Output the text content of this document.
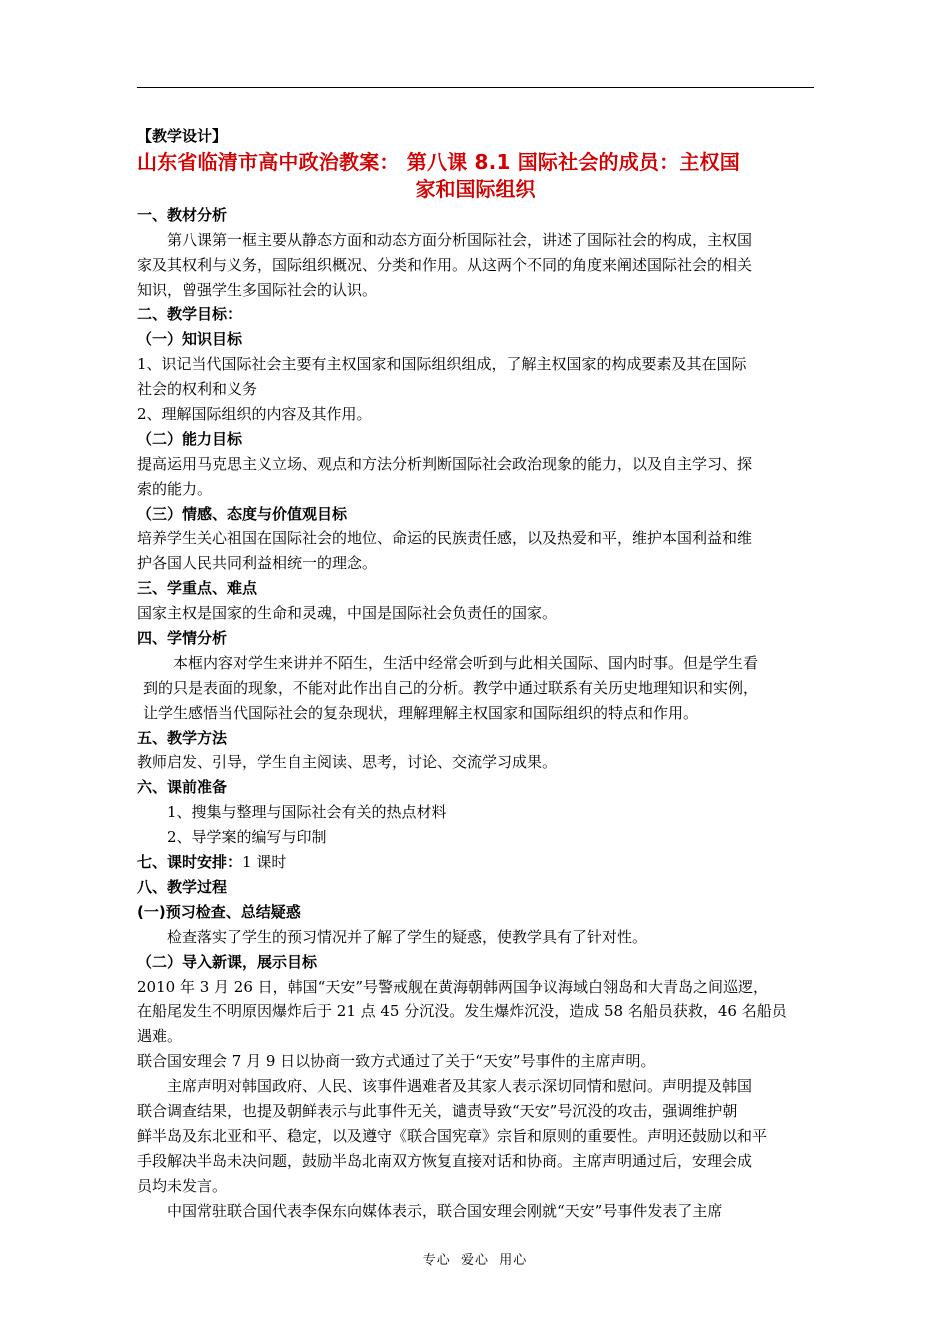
【教学设计】
山东省临清市高中政治教案： 第八课 8.1 国际社会的成员：主权国
家和国际组织
一、教材分析
第八课第一框主要从静态方面和动态方面分析国际社会，讲述了国际社会的构成，主权国
家及其权利与义务，国际组织概况、分类和作用。从这两个不同的角度来阐述国际社会的相关
知识，曾强学生多国际社会的认识。
二、教学目标：
（一）知识目标
1、识记当代国际社会主要有主权国家和国际组织组成，了解主权国家的构成要素及其在国际
社会的权利和义务
2、理解国际组织的内容及其作用。
（二）能力目标
提高运用马克思主义立场、观点和方法分析判断国际社会政治现象的能力，以及自主学习、探
索的能力。
（三）情感、态度与价值观目标
培养学生关心祖国在国际社会的地位、命运的民族责任感，以及热爱和平，维护本国利益和维
护各国人民共同利益相统一的理念。
三、学重点、难点
国家主权是国家的生命和灵魂，中国是国际社会负责任的国家。
四、学情分析
本框内容对学生来讲并不陌生，生活中经常会听到与此相关国际、国内时事。但是学生看
到的只是表面的现象，不能对此作出自己的分析。教学中通过联系有关历史地理知识和实例，
让学生感悟当代国际社会的复杂现状，理解理解主权国家和国际组织的特点和作用。
五、教学方法
教师启发、引导，学生自主阅读、思考，讨论、交流学习成果。
六、课前准备
1、搜集与整理与国际社会有关的热点材料
2、导学案的编写与印制
七、课时安排：1 课时
八、教学过程
(一)预习检查、总结疑惑
检查落实了学生的预习情况并了解了学生的疑惑，使教学具有了针对性。
（二）导入新课，展示目标
2010 年 3 月 26 日，韩国“天安”号警戒舰在黄海朝韩两国争议海域白翎岛和大青岛之间巡逻，
在船尾发生不明原因爆炸后于 21 点 45 分沉没。发生爆炸沉没，造成 58 名船员获救，46 名船员
遇难。
联合国安理会 7 月 9 日以协商一致方式通过了关于“天安”号事件的主席声明。
主席声明对韩国政府、人民、该事件遇难者及其家人表示深切同情和慰问。声明提及韩国
联合调查结果，也提及朝鲜表示与此事件无关，谴责导致“天安”号沉没的攻击，强调维护朝
鲜半岛及东北亚和平、稳定，以及遵守《联合国宪章》宗旨和原则的重要性。声明还鼓励以和平
手段解决半岛未决问题，鼓励半岛北南双方恢复直接对话和协商。主席声明通过后，安理会成
员均未发言。
中国常驻联合国代表李保东向媒体表示，联合国安理会刚就“天安”号事件发表了主席
专心  爱心  用心
